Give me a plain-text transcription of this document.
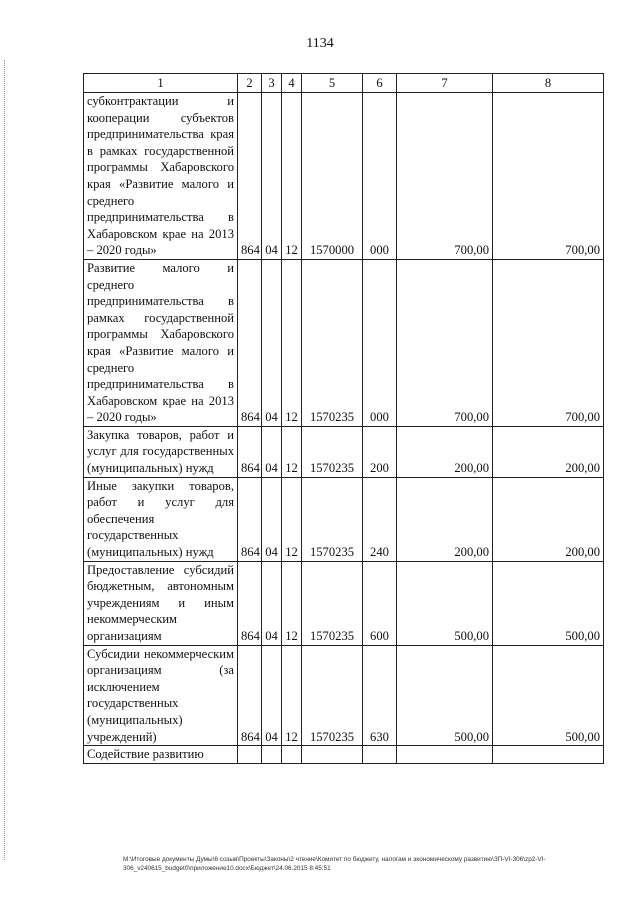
1134
1	2	3	4	5	6	7	8
субконтрактации и кооперации субъектов предпринимательства края в рамках государственной программы Хабаровского края «Развитие малого и среднего предпринимательства в Хабаровском крае на 2013 – 2020 годы»	864	04	12	1570000	000	700,00	700,00
Развитие малого и среднего предпринимательства в рамках государственной программы Хабаровского края «Развитие малого и среднего предпринимательства в Хабаровском крае на 2013 – 2020 годы»	864	04	12	1570235	000	700,00	700,00
Закупка товаров, работ и услуг для государственных (муниципальных) нужд	864	04	12	1570235	200	200,00	200,00
Иные закупки товаров, работ и услуг для обеспечения государственных (муниципальных) нужд	864	04	12	1570235	240	200,00	200,00
Предоставление субсидий бюджетным, автономным учреждениям и иным некоммерческим организациям	864	04	12	1570235	600	500,00	500,00
Субсидии некоммерческим организациям (за исключением государственных (муниципальных) учреждений)	864	04	12	1570235	630	500,00	500,00
Содействие развитию							
M:\Итоговые документы Думы\6 созыв\Проекты\Законы\2 чтение\Комитет по бюджету, налогам и экономическому развитию\ЗП-VI-306\zp2-VI-306_v240615_budget0\приложение10.docx\Бюджет\24.06.2015 8:45:51
